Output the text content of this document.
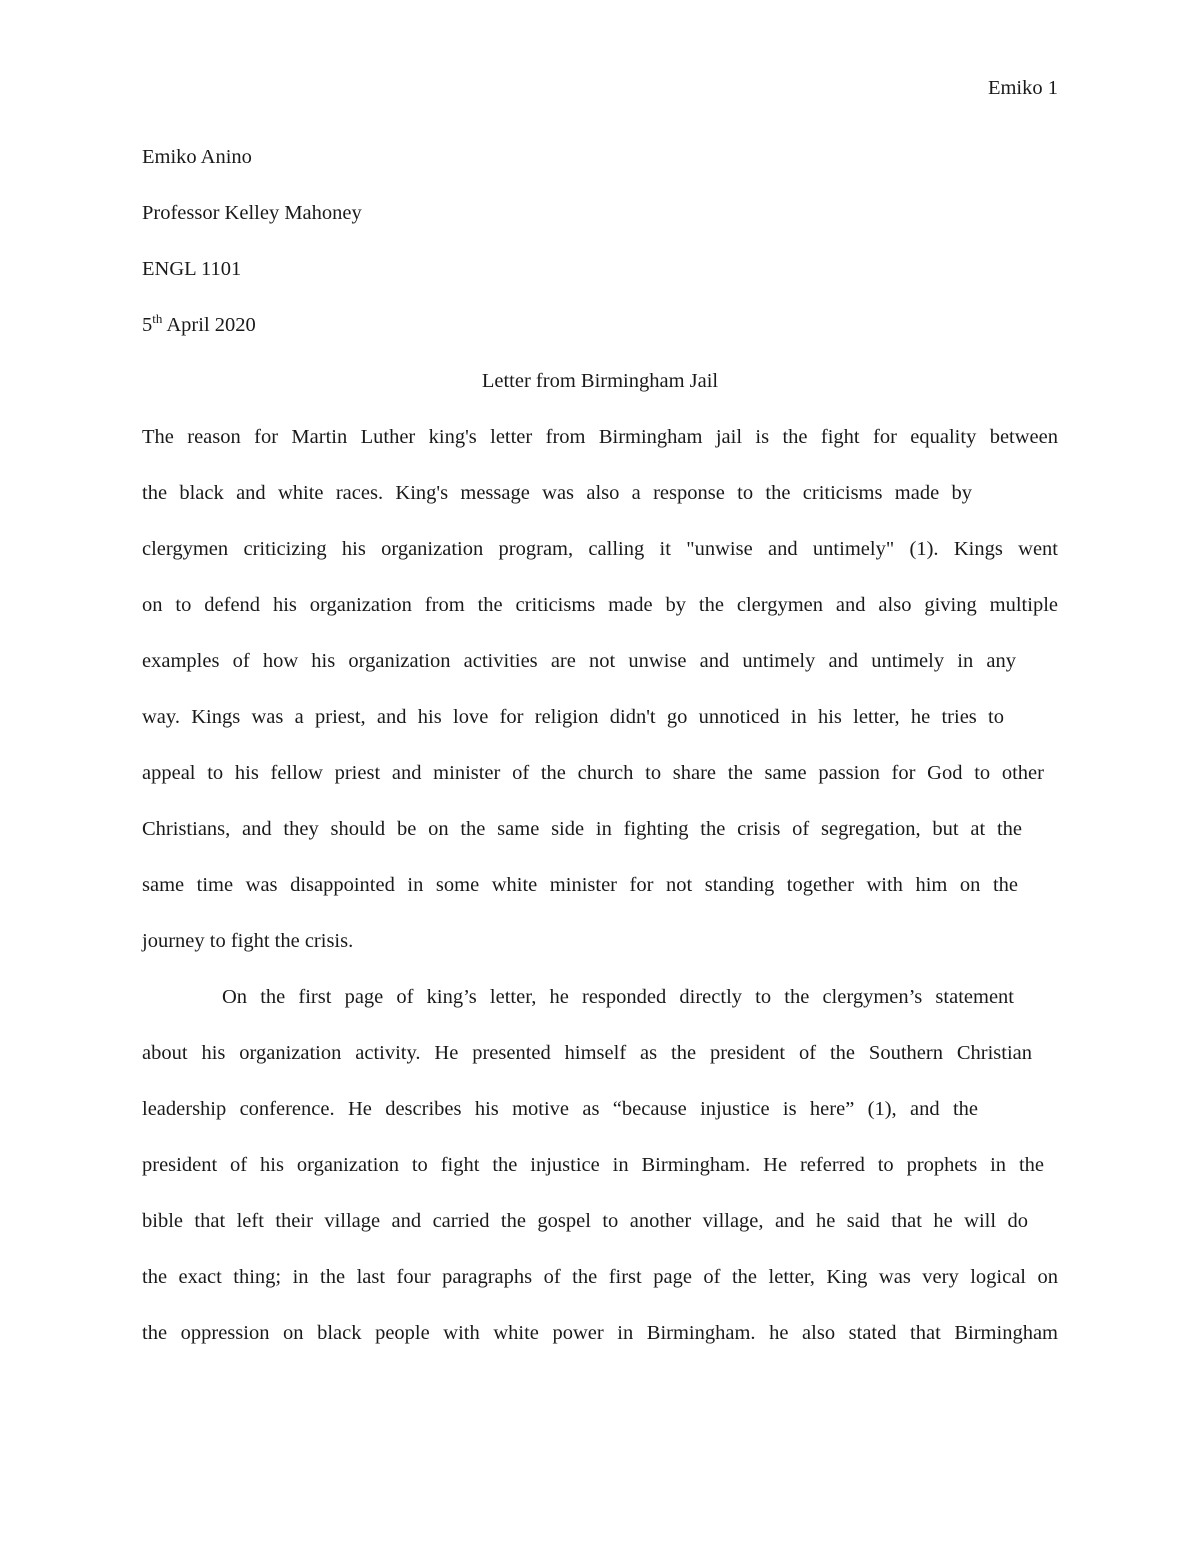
Emiko 1
Emiko Anino
Professor Kelley Mahoney
ENGL 1101
5th April 2020
Letter from Birmingham Jail
The reason for Martin Luther king's letter from Birmingham jail is the fight for equality between
the black and white races. King's message was also a response to the criticisms made by
clergymen criticizing his organization program, calling it "unwise and untimely" (1). Kings went
on to defend his organization from the criticisms made by the clergymen and also giving multiple
examples of how his organization activities are not unwise and untimely and untimely in any
way. Kings was a priest, and his love for religion didn't go unnoticed in his letter, he tries to
appeal to his fellow priest and minister of the church to share the same passion for God to other
Christians, and they should be on the same side in fighting the crisis of segregation, but at the
same time was disappointed in some white minister for not standing together with him on the
journey to fight the crisis.
On the first page of king’s letter, he responded directly to the clergymen’s statement
about his organization activity. He presented himself as the president of the Southern Christian
leadership conference. He describes his motive as “because injustice is here” (1), and the
president of his organization to fight the injustice in Birmingham. He referred to prophets in the
bible that left their village and carried the gospel to another village, and he said that he will do
the exact thing; in the last four paragraphs of the first page of the letter, King was very logical on
the oppression on black people with white power in Birmingham. he also stated that Birmingham
